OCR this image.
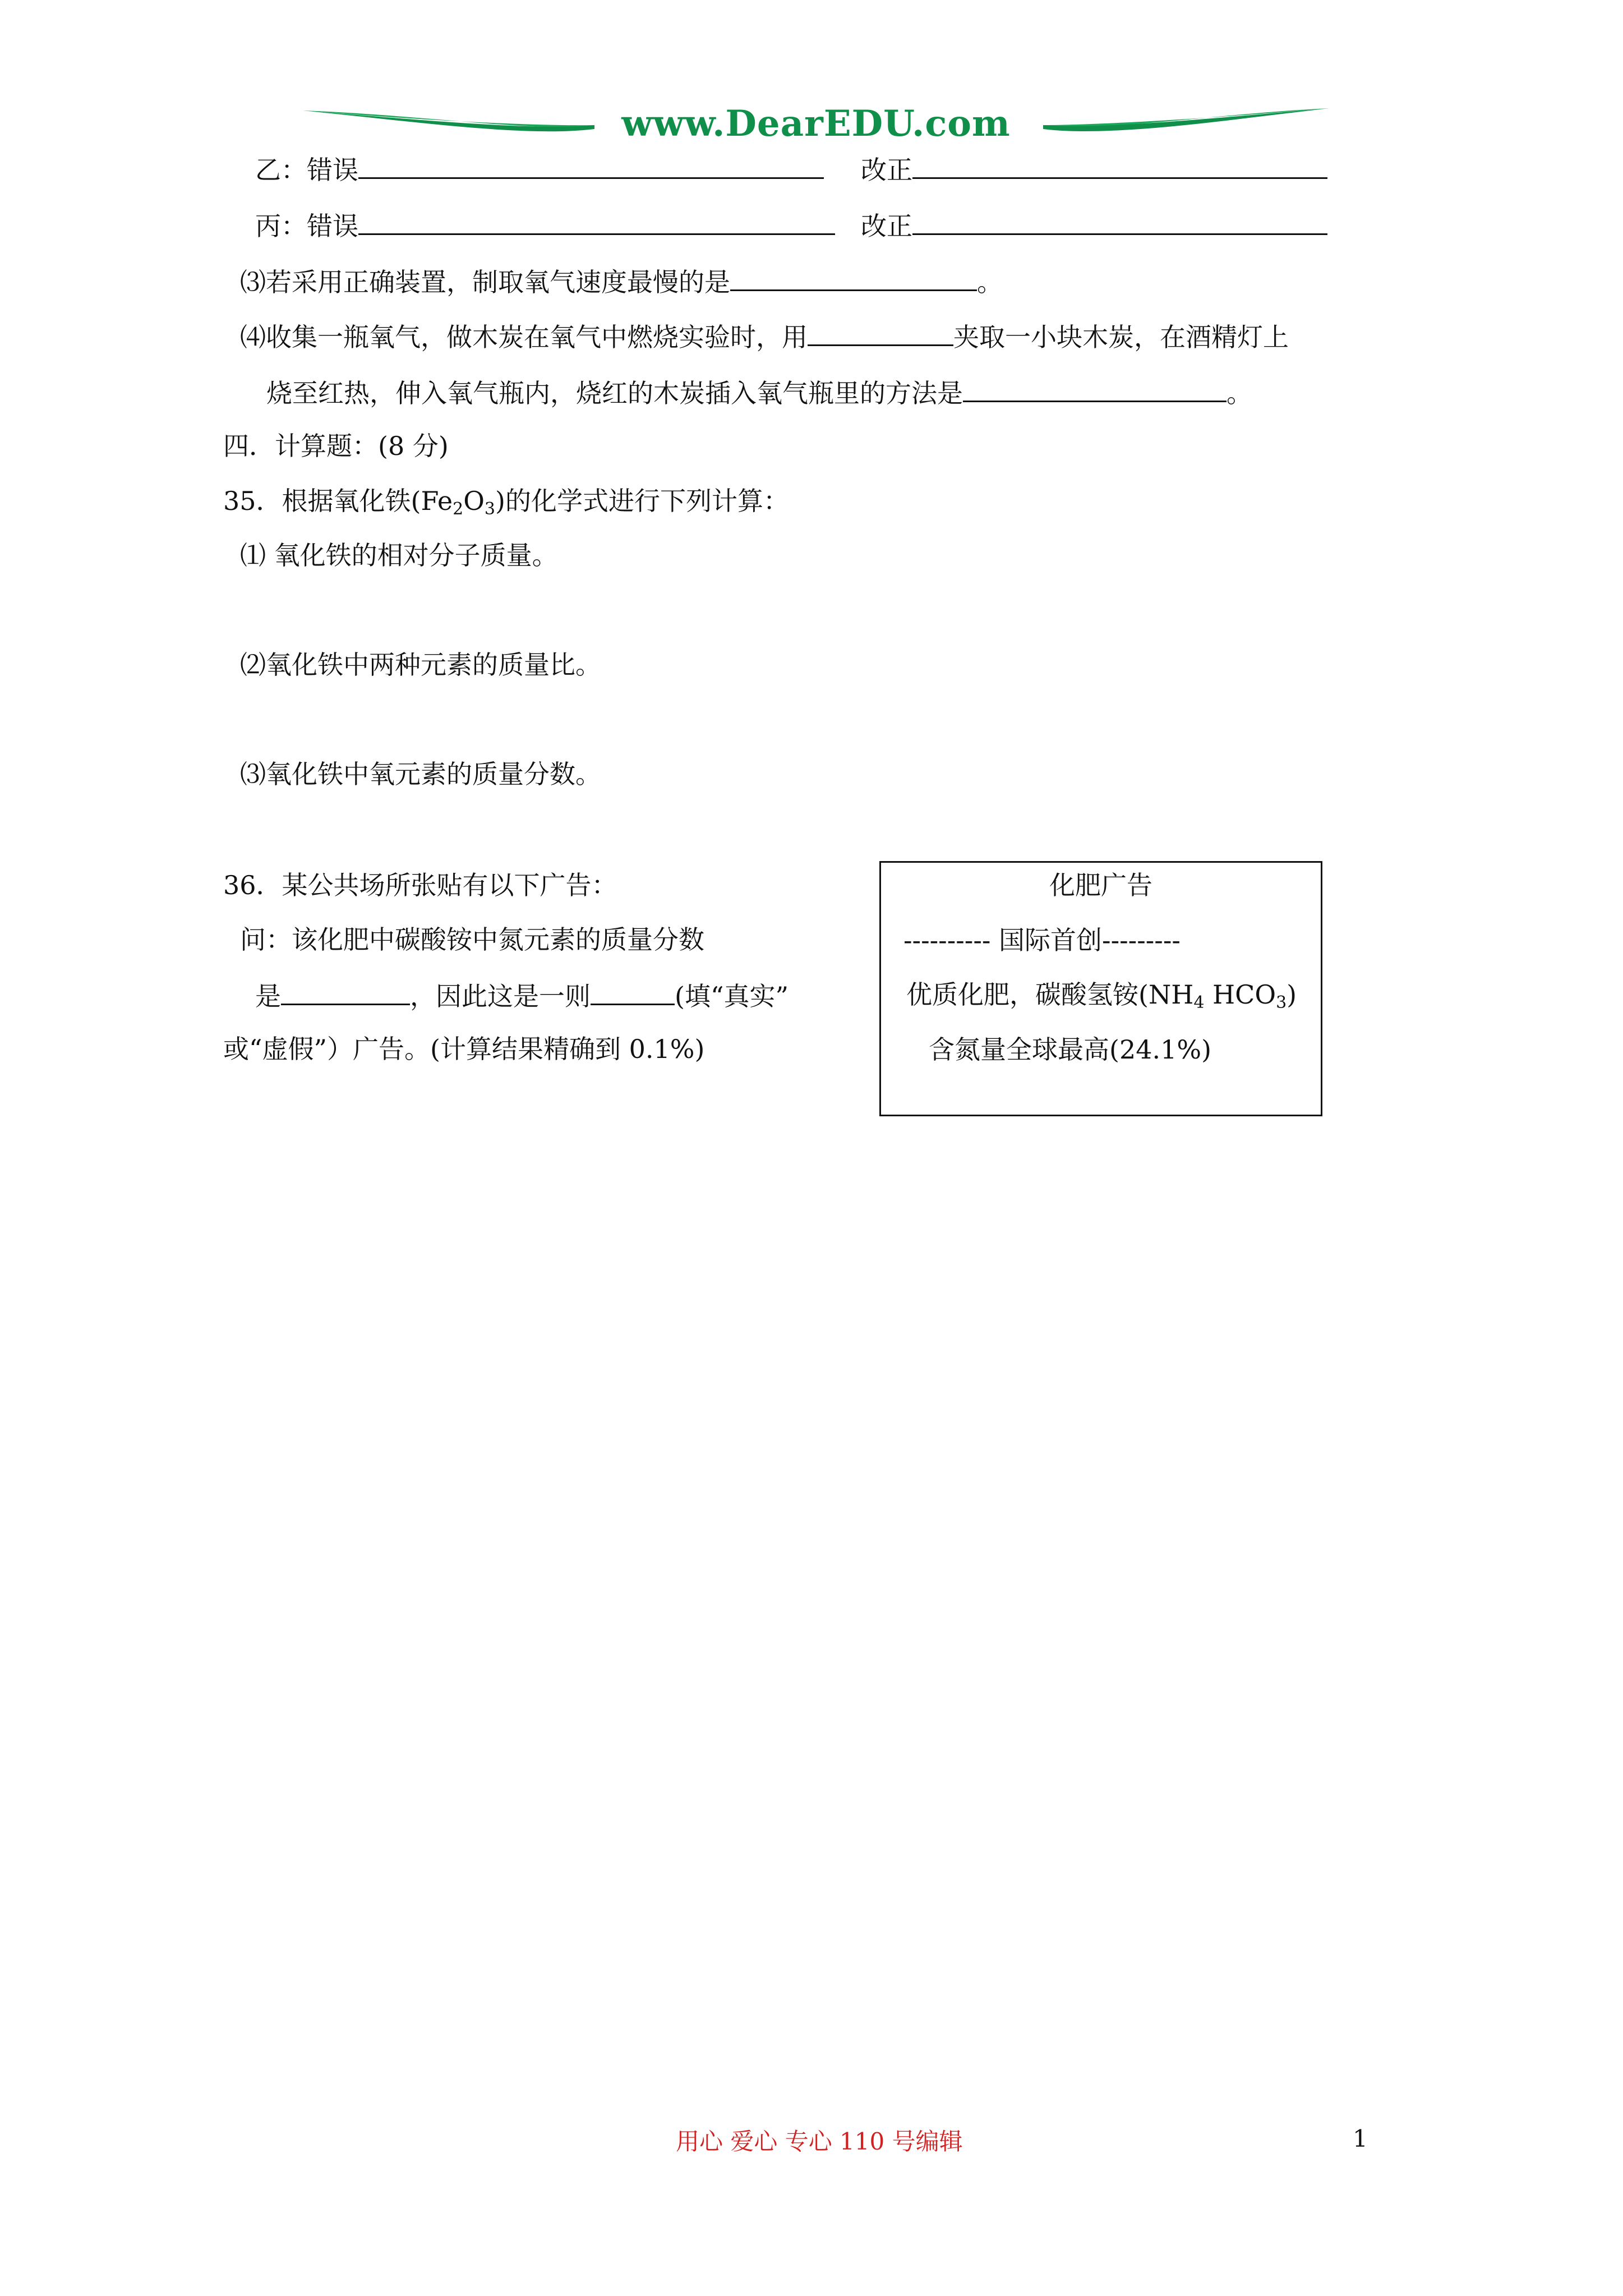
www.DearEDU.com
乙：错误	改正
丙：错误	改正
⑶若采用正确装置，制取氧气速度最慢的是	。
⑷收集一瓶氧气，做木炭在氧气中燃烧实验时，用	夹取一小块木炭，在酒精灯上
烧至红热，伸入氧气瓶内，烧红的木炭插入氧气瓶里的方法是	。
四．计算题：(8 分)
35．根据氧化铁$(Fe_2O_3)$的化学式进行下列计算：
⑴ 氧化铁的相对分子质量。
⑵氧化铁中两种元素的质量比。
⑶氧化铁中氧元素的质量分数。
36．某公共场所张贴有以下广告：
问：该化肥中碳酸铵中氮元素的质量分数
是	，因此这是一则	(填“真实”
或“虚假”）广告。(计算结果精确到 0.1%)
化肥广告
---------- 国际首创---------
优质化肥，碳酸氢铵($NH_4$ $HCO_3$)
含氮量全球最高(24.1%)
用心 爱心 专心 110 号编辑	1
